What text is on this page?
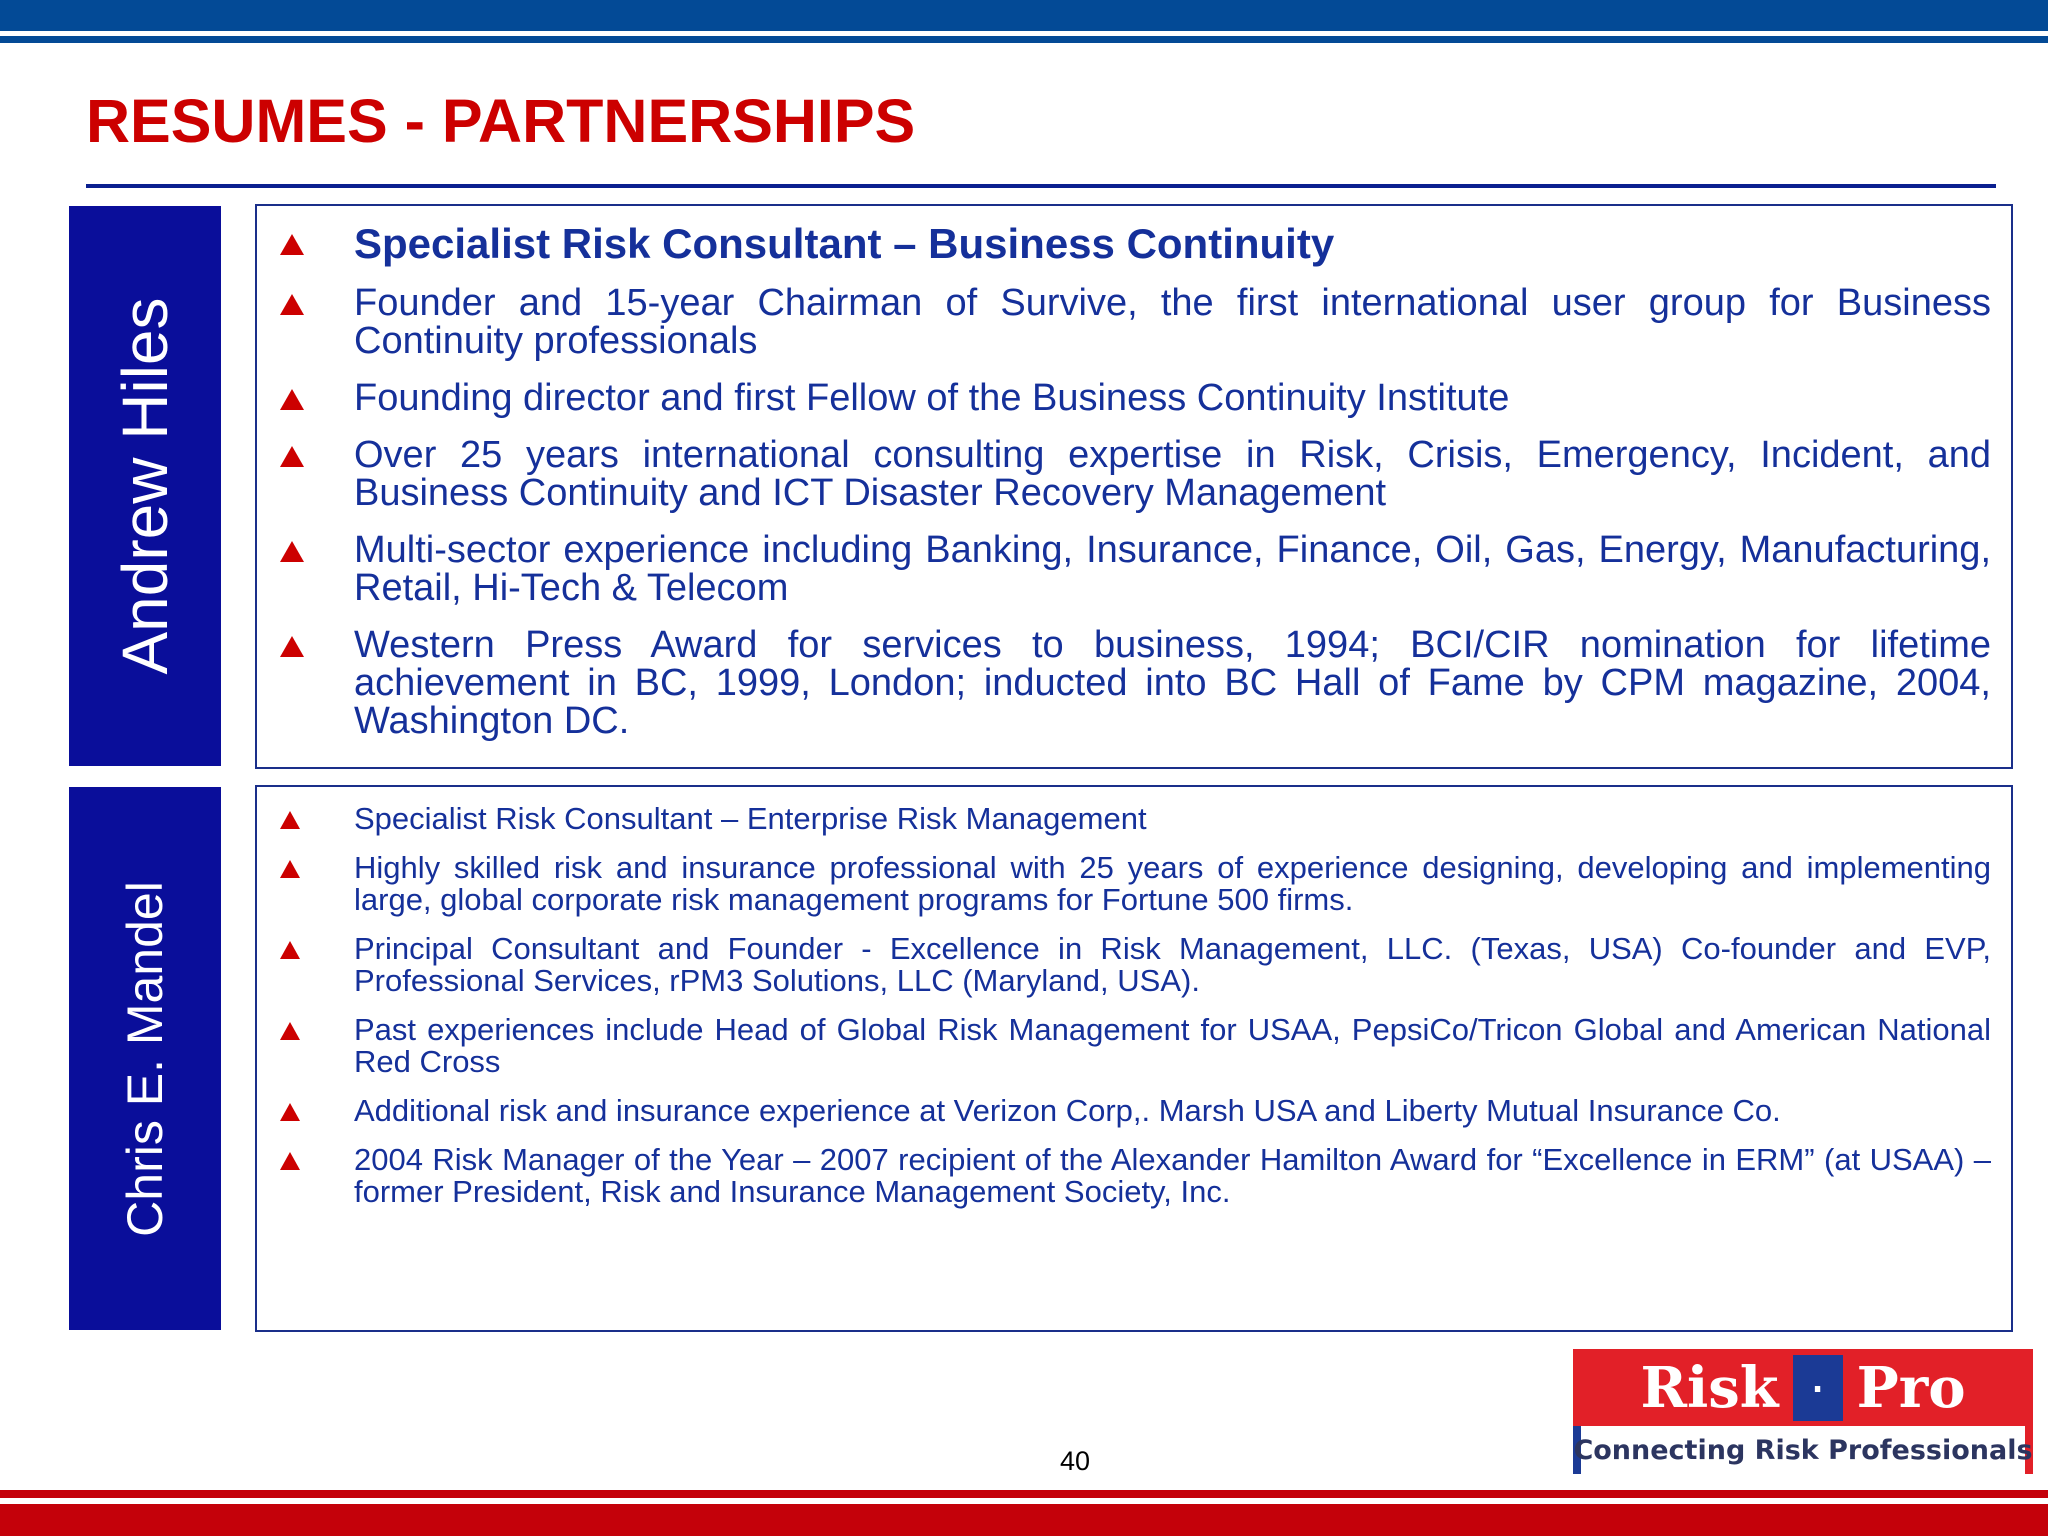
RESUMES - PARTNERSHIPS
Andrew Hiles
Specialist Risk Consultant – Business Continuity
Founder and 15-year Chairman of Survive, the first international user group for Business Continuity professionals
Founding director and first Fellow of the Business Continuity Institute
Over 25 years international consulting expertise in Risk, Crisis, Emergency, Incident, and Business Continuity and ICT Disaster Recovery Management
Multi-sector experience including Banking, Insurance, Finance, Oil, Gas, Energy, Manufacturing, Retail, Hi-Tech & Telecom
Western Press Award for services to business, 1994; BCI/CIR nomination for lifetime achievement in BC, 1999, London; inducted into BC Hall of Fame by CPM magazine, 2004, Washington DC.
Chris E. Mandel
Specialist Risk Consultant – Enterprise Risk Management
Highly skilled risk and insurance professional with 25 years of experience designing, developing and implementing large, global corporate risk management programs for Fortune 500 firms.
Principal Consultant and Founder - Excellence in Risk Management, LLC. (Texas, USA) Co-founder and EVP, Professional Services, rPM3 Solutions, LLC (Maryland, USA).
Past experiences include Head of Global Risk Management for USAA, PepsiCo/Tricon Global and American National Red Cross
Additional risk and insurance experience at Verizon Corp,. Marsh USA and Liberty Mutual Insurance Co.
2004 Risk Manager of the Year – 2007 recipient of the Alexander Hamilton Award for “Excellence in ERM” (at USAA) – former President, Risk and Insurance Management Society, Inc.
40
Risk · Pro
Connecting Risk Professionals
